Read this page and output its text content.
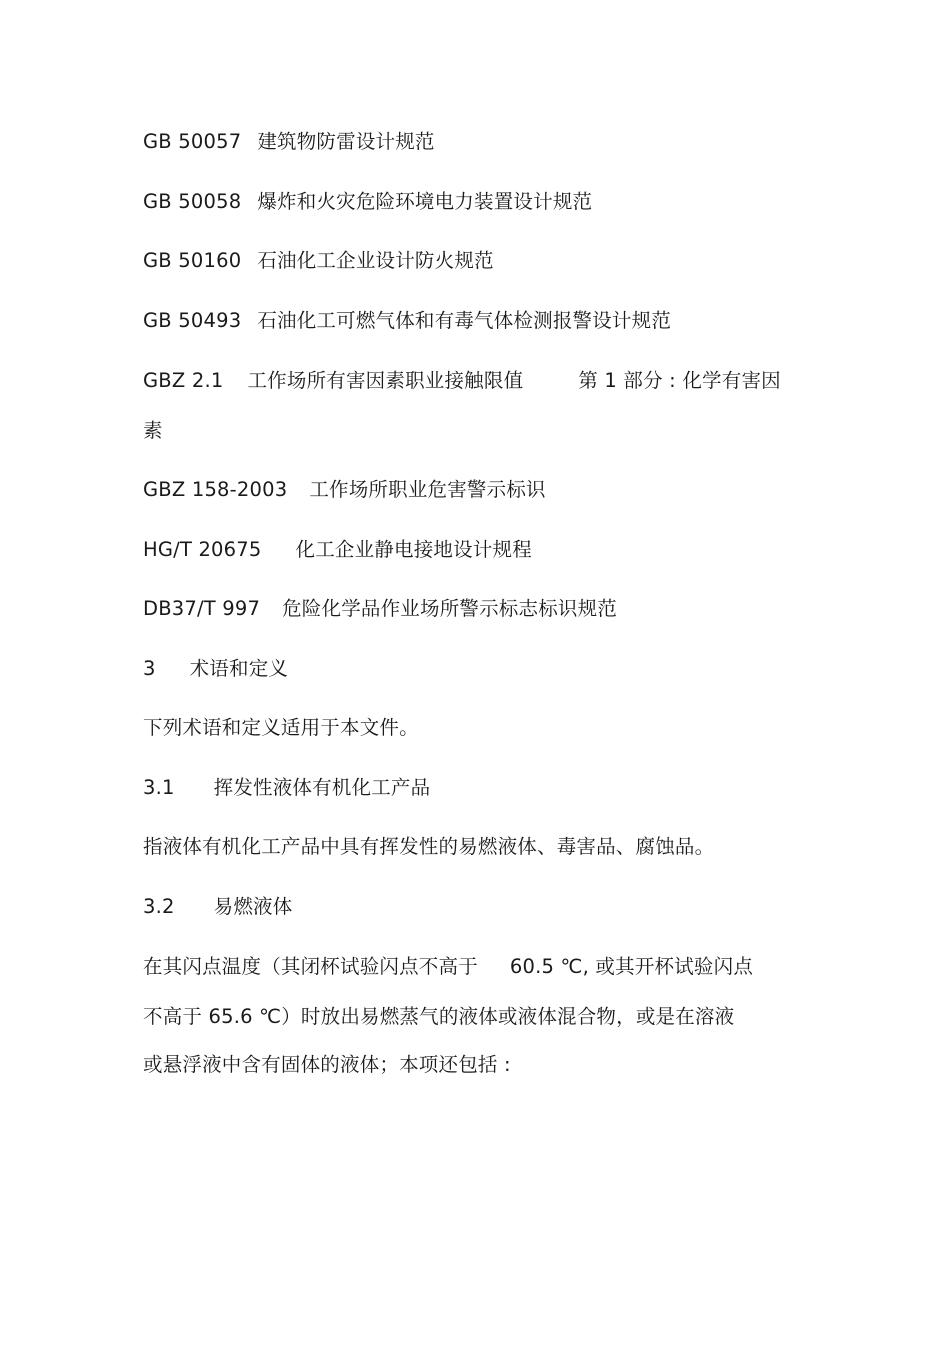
GB 50057 建筑物防雷设计规范
GB 50058 爆炸和火灾危险环境电力装置设计规范
GB 50160 石油化工企业设计防火规范
GB 50493 石油化工可燃气体和有毒气体检测报警设计规范
GBZ 2.1 工作场所有害因素职业接触限值	第 1 部分 : 化学有害因
素
GBZ 158-2003 工作场所职业危害警示标识
HG∕T 20675 化工企业静电接地设计规程
DB37/T 997 危险化学品作业场所警示标志标识规范
3 术语和定义
下列术语和定义适用于本文件。
3.1 挥发性液体有机化工产品
指液体有机化工产品中具有挥发性的易燃液体、毒害品、腐蚀品。
3.2 易燃液体
在其闪点温度（其闭杯试验闪点不高于 60.5 ℃, 或其开杯试验闪点
不高于 65.6 ℃）时放出易燃蒸气的液体或液体混合物，或是在溶液
或悬浮液中含有固体的液体；本项还包括 :
